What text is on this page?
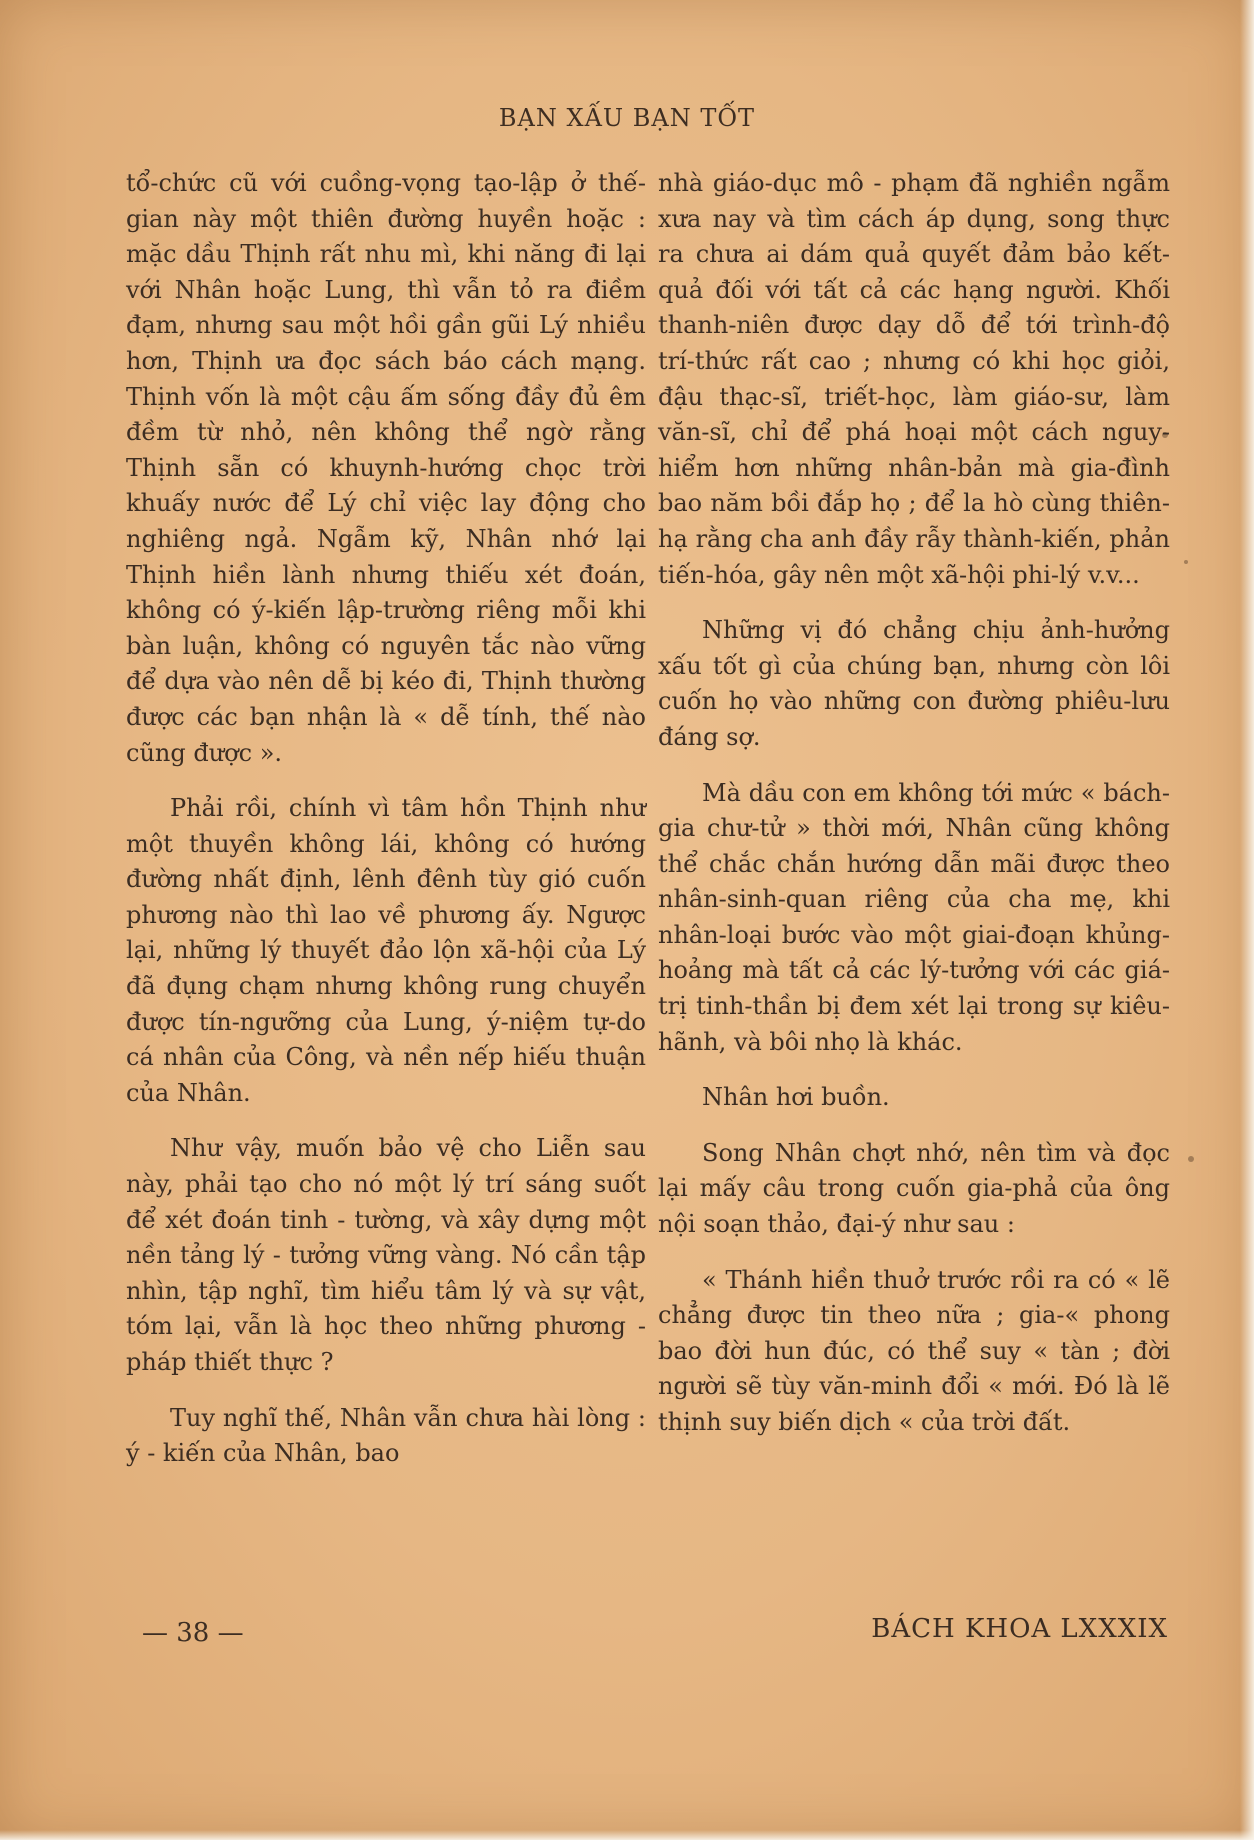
BẠN XẤU BẠN TỐT

tổ-chức cũ với cuồng-vọng tạo-lập ở thế-gian này một thiên đường huyền hoặc : mặc dầu Thịnh rất nhu mì, khi năng đi lại với Nhân hoặc Lung, thì vẫn tỏ ra điềm đạm, nhưng sau một hồi gần gũi Lý nhiều hơn, Thịnh ưa đọc sách báo cách mạng. Thịnh vốn là một cậu ấm sống đầy đủ êm đềm từ nhỏ, nên không thể ngờ rằng Thịnh sẵn có khuynh-hướng chọc trời khuấy nước để Lý chỉ việc lay động cho nghiêng ngả. Ngẫm kỹ, Nhân nhớ lại Thịnh hiền lành nhưng thiếu xét đoán, không có ý-kiến lập-trường riêng mỗi khi bàn luận, không có nguyên tắc nào vững để dựa vào nên dễ bị kéo đi, Thịnh thường được các bạn nhận là « dễ tính, thế nào cũng được ».

Phải rồi, chính vì tâm hồn Thịnh như một thuyền không lái, không có hướng đường nhất định, lênh đênh tùy gió cuốn phương nào thì lao về phương ấy. Ngược lại, những lý thuyết đảo lộn xã-hội của Lý đã đụng chạm nhưng không rung chuyển được tín-ngưỡng của Lung, ý-niệm tự-do cá nhân của Công, và nền nếp hiếu thuận của Nhân.

Như vậy, muốn bảo vệ cho Liễn sau này, phải tạo cho nó một lý trí sáng suốt để xét đoán tinh - tường, và xây dựng một nền tảng lý - tưởng vững vàng. Nó cần tập nhìn, tập nghĩ, tìm hiểu tâm lý và sự vật, tóm lại, vẫn là học theo những phương - pháp thiết thực ?

Tuy nghĩ thế, Nhân vẫn chưa hài lòng : ý - kiến của Nhân, bao

nhà giáo-dục mô - phạm đã nghiền ngẫm xưa nay và tìm cách áp dụng, song thực ra chưa ai dám quả quyết đảm bảo kết-quả đối với tất cả các hạng người. Khối thanh-niên được dạy dỗ để tới trình-độ trí-thức rất cao ; nhưng có khi học giỏi, đậu thạc-sĩ, triết-học, làm giáo-sư, làm văn-sĩ, chỉ để phá hoại một cách nguy-hiểm hơn những nhân-bản mà gia-đình bao năm bồi đắp họ ; để la hò cùng thiên-hạ rằng cha anh đầy rẫy thành-kiến, phản tiến-hóa, gây nên một xã-hội phi-lý v.v...

Những vị đó chẳng chịu ảnh-hưởng xấu tốt gì của chúng bạn, nhưng còn lôi cuốn họ vào những con đường phiêu-lưu đáng sợ.

Mà dầu con em không tới mức « bách-gia chư-tử » thời mới, Nhân cũng không thể chắc chắn hướng dẫn mãi được theo nhân-sinh-quan riêng của cha mẹ, khi nhân-loại bước vào một giai-đoạn khủng-hoảng mà tất cả các lý-tưởng với các giá-trị tinh-thần bị đem xét lại trong sự kiêu-hãnh, và bôi nhọ là khác.

Nhân hơi buồn.

Song Nhân chợt nhớ, nên tìm và đọc lại mấy câu trong cuốn gia-phả của ông nội soạn thảo, đại-ý như sau :

« Thánh hiền thuở trước rồi ra có « lẽ chẳng được tin theo nữa ; gia-« phong bao đời hun đúc, có thể suy « tàn ; đời người sẽ tùy văn-minh đổi « mới. Đó là lẽ thịnh suy biến dịch « của trời đất.

— 38 —	BÁCH KHOA LXXXIX
